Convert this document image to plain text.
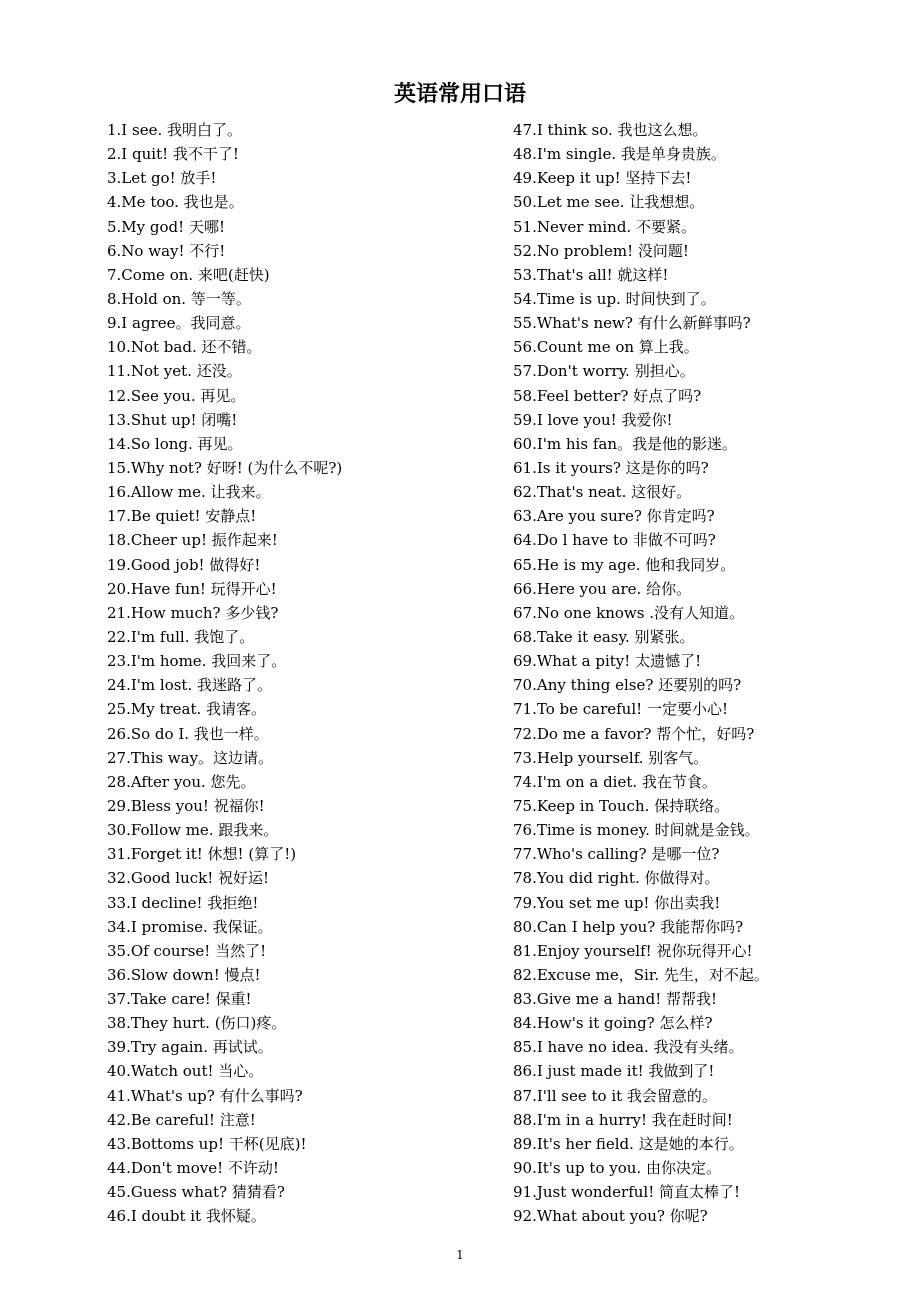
英语常用口语
1.I see. 我明白了。
2.I quit! 我不干了!
3.Let go! 放手!
4.Me too. 我也是。
5.My god! 天哪!
6.No way! 不行!
7.Come on. 来吧(赶快)
8.Hold on. 等一等。
9.I agree。我同意。
10.Not bad. 还不错。
11.Not yet. 还没。
12.See you. 再见。
13.Shut up! 闭嘴!
14.So long. 再见。
15.Why not? 好呀! (为什么不呢?)
16.Allow me. 让我来。
17.Be quiet! 安静点!
18.Cheer up! 振作起来!
19.Good job! 做得好!
20.Have fun! 玩得开心!
21.How much? 多少钱?
22.I'm full. 我饱了。
23.I'm home. 我回来了。
24.I'm lost. 我迷路了。
25.My treat. 我请客。
26.So do I. 我也一样。
27.This way。这边请。
28.After you. 您先。
29.Bless you! 祝福你!
30.Follow me. 跟我来。
31.Forget it! 休想! (算了!)
32.Good luck! 祝好运!
33.I decline! 我拒绝!
34.I promise. 我保证。
35.Of course! 当然了!
36.Slow down! 慢点!
37.Take care! 保重!
38.They hurt. (伤口)疼。
39.Try again. 再试试。
40.Watch out! 当心。
41.What's up? 有什么事吗?
42.Be careful! 注意!
43.Bottoms up! 干杯(见底)!
44.Don't move! 不许动!
45.Guess what? 猜猜看?
46.I doubt it 我怀疑。
47.I think so. 我也这么想。
48.I'm single. 我是单身贵族。
49.Keep it up! 坚持下去!
50.Let me see. 让我想想。
51.Never mind. 不要紧。
52.No problem! 没问题!
53.That's all! 就这样!
54.Time is up. 时间快到了。
55.What's new? 有什么新鲜事吗?
56.Count me on 算上我。
57.Don't worry. 别担心。
58.Feel better? 好点了吗?
59.I love you! 我爱你!
60.I'm his fan。我是他的影迷。
61.Is it yours? 这是你的吗?
62.That's neat. 这很好。
63.Are you sure? 你肯定吗?
64.Do l have to 非做不可吗?
65.He is my age. 他和我同岁。
66.Here you are. 给你。
67.No one knows .没有人知道。
68.Take it easy. 别紧张。
69.What a pity! 太遗憾了!
70.Any thing else? 还要别的吗?
71.To be careful! 一定要小心!
72.Do me a favor? 帮个忙，好吗?
73.Help yourself. 别客气。
74.I'm on a diet. 我在节食。
75.Keep in Touch. 保持联络。
76.Time is money. 时间就是金钱。
77.Who's calling? 是哪一位?
78.You did right. 你做得对。
79.You set me up! 你出卖我!
80.Can I help you? 我能帮你吗?
81.Enjoy yourself! 祝你玩得开心!
82.Excuse me，Sir. 先生，对不起。
83.Give me a hand! 帮帮我!
84.How's it going? 怎么样?
85.I have no idea. 我没有头绪。
86.I just made it! 我做到了!
87.I'll see to it 我会留意的。
88.I'm in a hurry! 我在赶时间!
89.It's her field. 这是她的本行。
90.It's up to you. 由你决定。
91.Just wonderful! 简直太棒了!
92.What about you? 你呢?
1
